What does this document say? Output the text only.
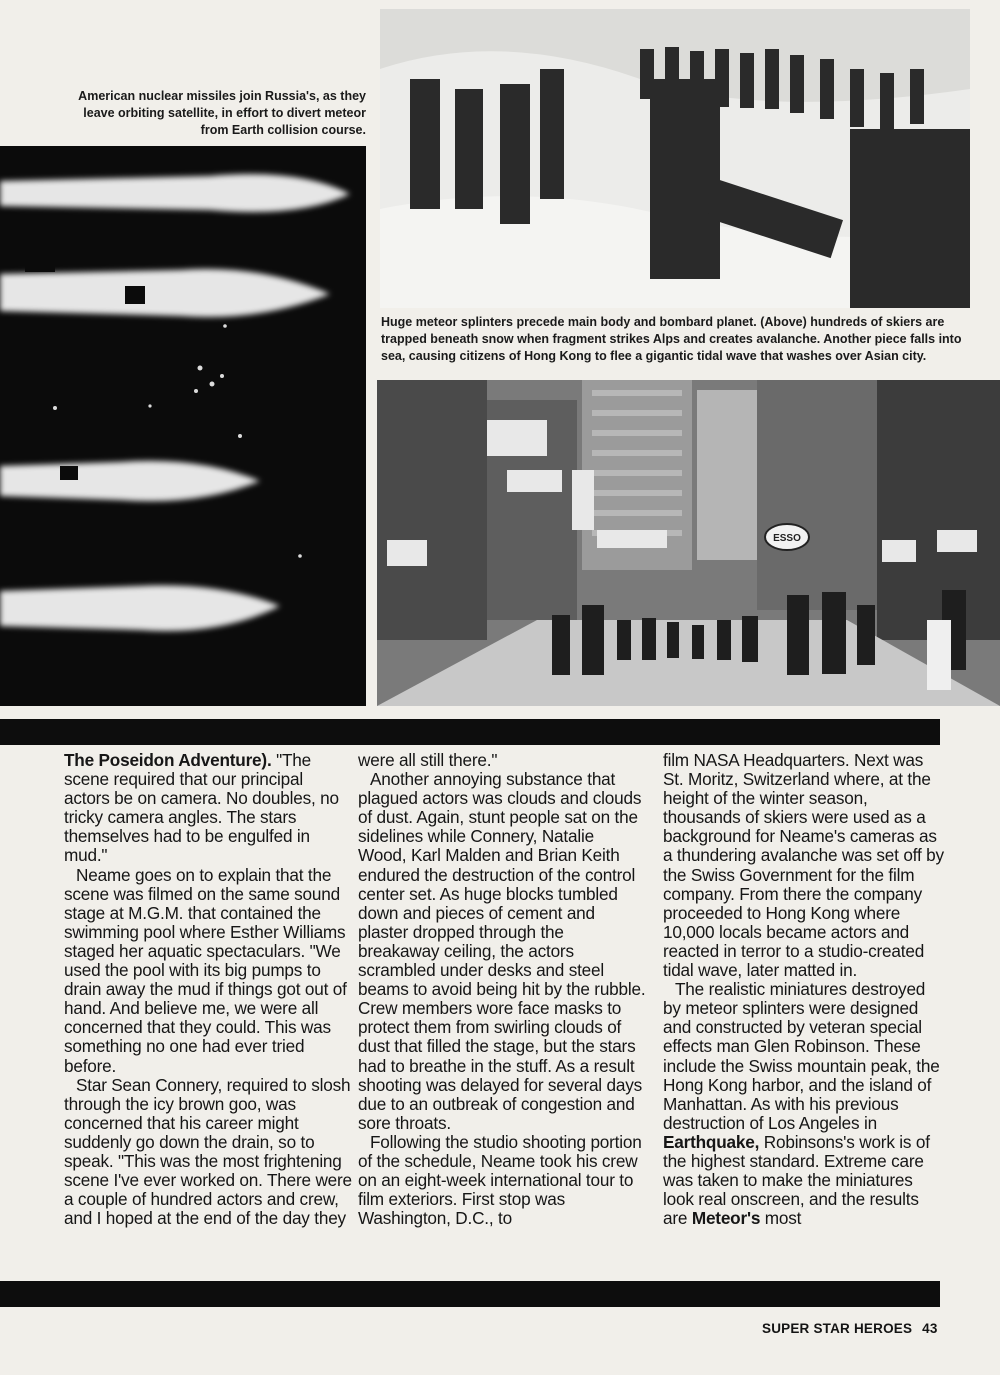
American nuclear missiles join Russia's, as they leave orbiting satellite, in effort to divert meteor from Earth collision course.
Huge meteor splinters precede main body and bombard planet. (Above) hundreds of skiers are trapped beneath snow when fragment strikes Alps and creates avalanche. Another piece falls into sea, causing citizens of Hong Kong to flee a gigantic tidal wave that washes over Asian city.
ESSO

The Poseidon Adventure). "The scene required that our principal actors be on camera. No doubles, no tricky camera angles. The stars themselves had to be engulfed in mud."

Neame goes on to explain that the scene was filmed on the same sound stage at M.G.M. that contained the swimming pool where Esther Williams staged her aquatic spectaculars. "We used the pool with its big pumps to drain away the mud if things got out of hand. And believe me, we were all concerned that they could. This was something no one had ever tried before.

Star Sean Connery, required to slosh through the icy brown goo, was concerned that his career might suddenly go down the drain, so to speak. "This was the most frightening scene I've ever worked on. There were a couple of hundred actors and crew, and I hoped at the end of the day they

were all still there."

Another annoying substance that plagued actors was clouds and clouds of dust. Again, stunt people sat on the sidelines while Connery, Natalie Wood, Karl Malden and Brian Keith endured the destruction of the control center set. As huge blocks tumbled down and pieces of cement and plaster dropped through the breakaway ceiling, the actors scrambled under desks and steel beams to avoid being hit by the rubble. Crew members wore face masks to protect them from swirling clouds of dust that filled the stage, but the stars had to breathe in the stuff. As a result shooting was delayed for several days due to an outbreak of congestion and sore throats.

Following the studio shooting portion of the schedule, Neame took his crew on an eight-week international tour to film exteriors. First stop was Washington, D.C., to

film NASA Headquarters. Next was St. Moritz, Switzerland where, at the height of the winter season, thousands of skiers were used as a background for Neame's cameras as a thundering avalanche was set off by the Swiss Government for the film company. From there the company proceeded to Hong Kong where 10,000 locals became actors and reacted in terror to a studio-created tidal wave, later matted in.

The realistic miniatures destroyed by meteor splinters were designed and constructed by veteran special effects man Glen Robinson. These include the Swiss mountain peak, the Hong Kong harbor, and the island of Manhattan. As with his previous destruction of Los Angeles in Earthquake, Robinsons's work is of the highest standard. Extreme care was taken to make the miniatures look real onscreen, and the results are Meteor's most

SUPER STAR HEROES 43
